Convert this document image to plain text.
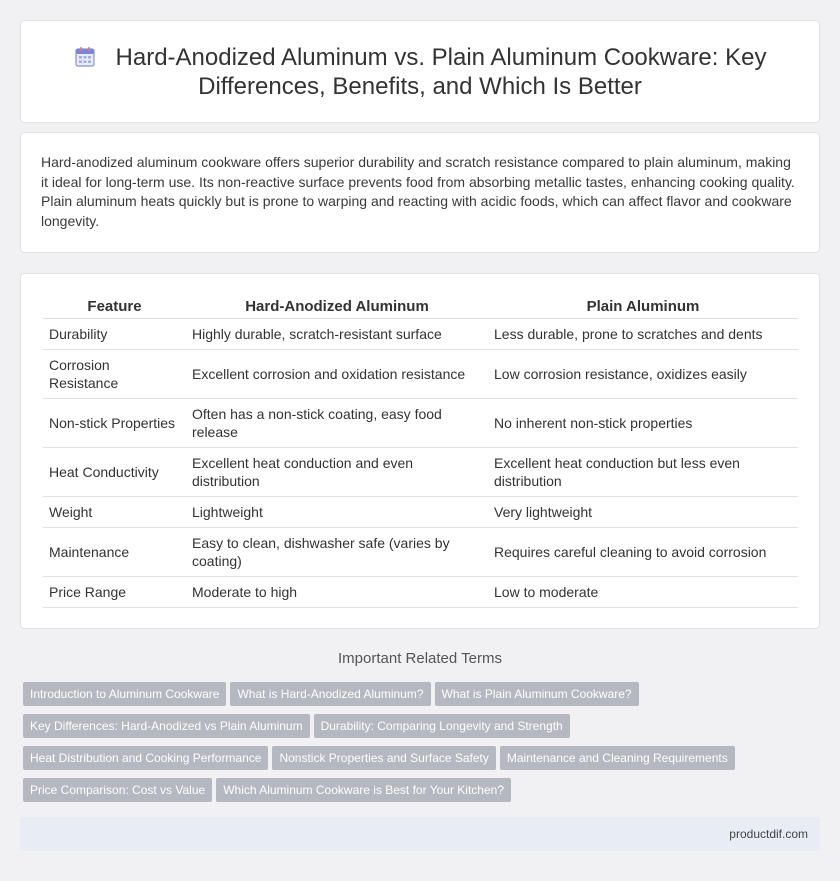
Hard-Anodized Aluminum vs. Plain Aluminum Cookware: Key Differences, Benefits, and Which Is Better

Hard-anodized aluminum cookware offers superior durability and scratch resistance compared to plain aluminum, making it ideal for long-term use. Its non-reactive surface prevents food from absorbing metallic tastes, enhancing cooking quality. Plain aluminum heats quickly but is prone to warping and reacting with acidic foods, which can affect flavor and cookware longevity.

Feature	Hard-Anodized Aluminum	Plain Aluminum
Durability	Highly durable, scratch-resistant surface	Less durable, prone to scratches and dents
Corrosion Resistance	Excellent corrosion and oxidation resistance	Low corrosion resistance, oxidizes easily
Non-stick Properties	Often has a non-stick coating, easy food release	No inherent non-stick properties
Heat Conductivity	Excellent heat conduction and even distribution	Excellent heat conduction but less even distribution
Weight	Lightweight	Very lightweight
Maintenance	Easy to clean, dishwasher safe (varies by coating)	Requires careful cleaning to avoid corrosion
Price Range	Moderate to high	Low to moderate
Important Related Terms
Introduction to Aluminum Cookware What is Hard-Anodized Aluminum? What is Plain Aluminum Cookware?
Key Differences: Hard-Anodized vs Plain Aluminum Durability: Comparing Longevity and Strength
Heat Distribution and Cooking Performance Nonstick Properties and Surface Safety Maintenance and Cleaning Requirements
Price Comparison: Cost vs Value Which Aluminum Cookware is Best for Your Kitchen?
productdif.com
